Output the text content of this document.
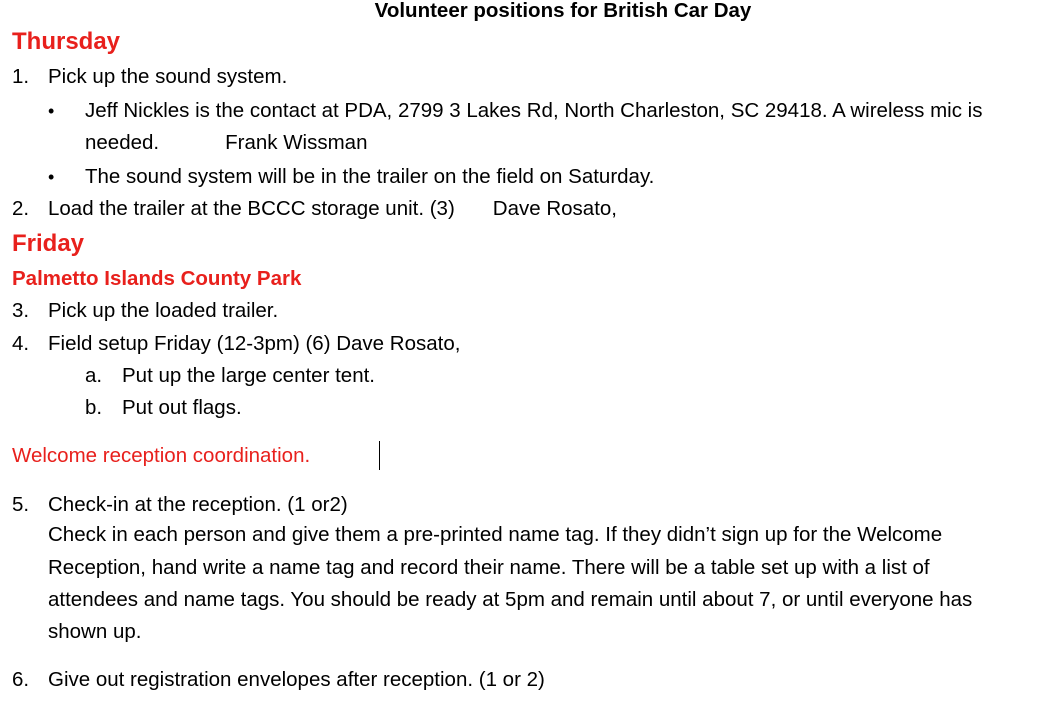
Volunteer positions for British Car Day
Thursday
1. Pick up the sound system.
• Jeff Nickles is the contact at PDA, 2799 3 Lakes Rd, North Charleston, SC 29418. A wireless mic is
needed.	Frank Wissman
• The sound system will be in the trailer on the field on Saturday.
2. Load the trailer at the BCCC storage unit. (3) Dave Rosato,
Friday
Palmetto Islands County Park
3. Pick up the loaded trailer.
4. Field setup Friday (12-3pm) (6) Dave Rosato,
a. Put up the large center tent.
b. Put out flags.
Welcome reception coordination.
5. Check-in at the reception. (1 or2)
Check in each person and give them a pre-printed name tag. If they didn’t sign up for the Welcome
Reception, hand write a name tag and record their name. There will be a table set up with a list of
attendees and name tags. You should be ready at 5pm and remain until about 7, or until everyone has
shown up.
6. Give out registration envelopes after reception. (1 or 2)
